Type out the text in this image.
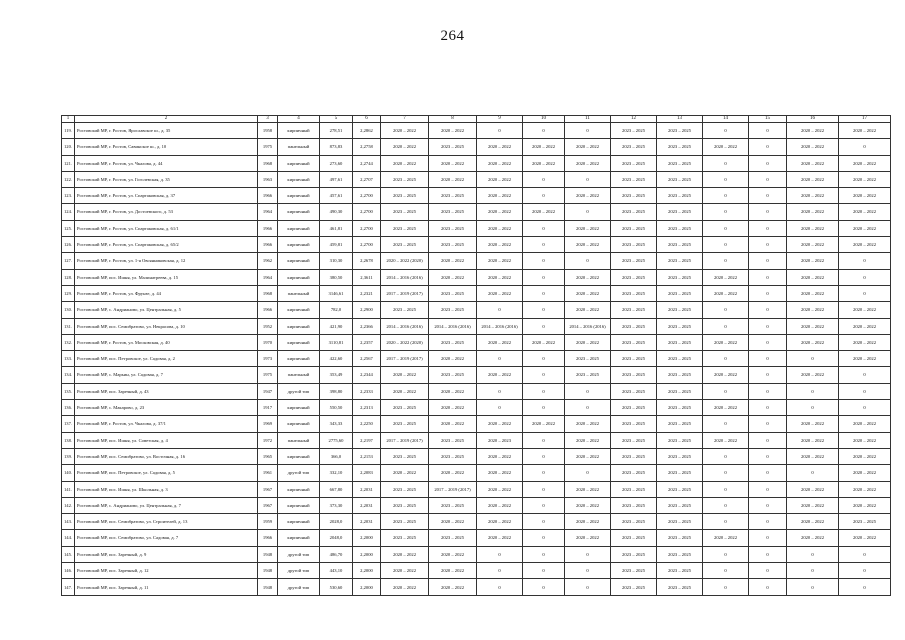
264
1	2	3	4	5	6	7	8	9	10	11	12	13	14	15	16	17
119.	Ростовский МР, г. Ростов, Ярославское ш., д. 35	1958	кирпичный	278,51	2,2862	2020 – 2022	2020 – 2022	0	0	0	2023 – 2025	2023 – 2025	0	0	2020 – 2022	2020 – 2022
120.	Ростовский МР, г. Ростов, Савинское ш., д. 10	1975	панельный	873,83	2,2758	2020 – 2022	2023 – 2025	2020 – 2022	2020 – 2022	2020 – 2022	2023 – 2025	2023 – 2025	2020 – 2022	0	2020 – 2022	0
121.	Ростовский МР, г. Ростов, ул. Чкалова, д. 44	1968	кирпичный	273,60	2,2744	2020 – 2022	2020 – 2022	2020 – 2022	2020 – 2022	2020 – 2022	2023 – 2025	2023 – 2025	0	0	2020 – 2022	2020 – 2022
122.	Ростовский МР, г. Ростов, ул. Гоголевская, д. 35	1963	кирпичный	497,61	2,2707	2023 – 2025	2020 – 2022	2020 – 2022	0	0	2023 – 2025	2023 – 2025	0	0	2020 – 2022	2020 – 2022
123.	Ростовский МР, г. Ростов, ул. Спартаковская, д. 37	1966	кирпичный	457,61	2,2700	2023 – 2025	2023 – 2025	2020 – 2022	0	2020 – 2022	2023 – 2025	2023 – 2025	0	0	2020 – 2022	2020 – 2022
124.	Ростовский МР, г. Ростов, ул. Достоевского, д. 53	1964	кирпичный	490,30	2,2700	2023 – 2025	2023 – 2025	2020 – 2022	2020 – 2022	0	2023 – 2025	2023 – 2025	0	0	2020 – 2022	2020 – 2022
125.	Ростовский МР, г. Ростов, ул. Спартаковская, д. 61/1	1966	кирпичный	461,81	2,2700	2023 – 2025	2023 – 2025	2020 – 2022	0	2020 – 2022	2023 – 2025	2023 – 2025	0	0	2020 – 2022	2020 – 2022
126.	Ростовский МР, г. Ростов, ул. Спартаковская, д. 65/2	1966	кирпичный	459,81	2,2700	2023 – 2025	2023 – 2025	2020 – 2022	0	2020 – 2022	2023 – 2025	2023 – 2025	0	0	2020 – 2022	2020 – 2022
127.	Ростовский МР, г. Ростов, ул. 1-я Овсянниковская, д. 12	1962	кирпичный	310,30	2,2678	2020 – 2022 (2020)	2020 – 2022	2020 – 2022	0	0	2023 – 2025	2023 – 2025	0	0	2020 – 2022	0
128.	Ростовский МР, пос. Ишня, ул. Малинатреева, д. 15	1964	кирпичный	380,50	2,3611	2014 – 2016 (2016)	2020 – 2022	2020 – 2022	0	2020 – 2022	2023 – 2025	2023 – 2025	2020 – 2022	0	2020 – 2022	0
129.	Ростовский МР, г. Ростов, ул. Фрунзе, д. 44	1968	панельный	3146,61	2,2321	2017 – 2019 (2017)	2023 – 2025	2020 – 2022	0	2020 – 2022	2023 – 2025	2023 – 2025	2020 – 2022	0	2020 – 2022	0
130.	Ростовский МР, с. Андрианово, ул. Центральная, д. 5	1966	кирпичный	782,0	2,2900	2023 – 2025	2023 – 2025	0	0	2020 – 2022	2023 – 2025	2023 – 2025	0	0	2020 – 2022	2020 – 2022
131.	Ростовский МР, пос. Семибратово, ул. Некрасова, д. 10	1952	кирпичный	421,90	2,2366	2014 – 2016 (2016)	2014 – 2016 (2016)	2014 – 2016 (2016)	0	2014 – 2016 (2016)	2023 – 2025	2023 – 2025	0	0	2020 – 2022	2020 – 2022
132.	Ростовский МР, г. Ростов, ул. Московская, д. 40	1970	кирпичный	3110,81	2,2357	2020 – 2022 (2020)	2023 – 2025	2020 – 2022	2020 – 2022	2020 – 2022	2023 – 2025	2023 – 2025	2020 – 2022	0	2020 – 2022	2020 – 2022
133.	Ростовский МР, пос. Петровское, ул. Садовая, д. 2	1973	кирпичный	422,60	2,2567	2017 – 2019 (2017)	2020 – 2022	0	0	2023 – 2025	2023 – 2025	2023 – 2025	0	0	0	2020 – 2022
134.	Ростовский МР, с. Марьин, ул. Садовая, д. 7	1975	панельный	353,49	2,2344	2020 – 2022	2023 – 2025	2020 – 2022	0	2023 – 2025	2023 – 2025	2023 – 2025	2020 – 2022	0	2020 – 2022	0
135.	Ростовский МР, пос. Заречный, д. 43	1947	другой тип	398,80	2,2333	2020 – 2022	2020 – 2022	0	0	0	2023 – 2025	2023 – 2025	0	0	0	0
136.	Ростовский МР, с. Макарово, д. 23	1917	кирпичный	550,50	2,2313	2023 – 2025	2020 – 2022	0	0	0	2023 – 2025	2023 – 2025	2020 – 2022	0	0	0
137.	Ростовский МР, г. Ростов, ул. Чкалова, д. 37/1	1969	кирпичный	343,33	2,2250	2023 – 2025	2020 – 2022	2020 – 2022	2020 – 2022	2020 – 2022	2023 – 2025	2023 – 2025	0	0	2020 – 2022	2020 – 2022
138.	Ростовский МР, пос. Ишня, ул. Советская, д. 4	1972	панельный	2775,60	2,2197	2017 – 2019 (2017)	2023 – 2025	2020 – 2023	0	2020 – 2022	2023 – 2025	2023 – 2025	2020 – 2022	0	2020 – 2022	2020 – 2022
139.	Ростовский МР, пос. Семибратово, ул. Восточная, д. 16	1965	кирпичный	366,0	2,2153	2023 – 2025	2023 – 2025	2020 – 2022	0	2020 – 2022	2023 – 2025	2023 – 2025	0	0	2020 – 2022	2020 – 2022
140.	Ростовский МР, пос. Петровское, ул. Садовая, д. 5	1961	другой тип	332,10	2,2083	2020 – 2022	2020 – 2022	2020 – 2022	0	0	2023 – 2025	2023 – 2025	0	0	0	2020 – 2022
141.	Ростовский МР, пос. Ишня, ул. Школьная, д. 3	1967	кирпичный	667,80	2,2031	2023 – 2025	2017 – 2019 (2017)	2020 – 2022	0	2020 – 2022	2023 – 2025	2023 – 2025	0	0	2020 – 2022	2020 – 2022
142.	Ростовский МР, с. Андрианово, ул. Центральная, д. 7	1967	кирпичный	373,30	2,2031	2023 – 2025	2023 – 2025	2020 – 2022	0	2020 – 2022	2023 – 2025	2023 – 2025	0	0	2020 – 2022	2020 – 2022
143.	Ростовский МР, пос. Семибратово, ул. Строителей, д. 13	1959	кирпичный	2028,0	2,2031	2023 – 2025	2020 – 2022	2020 – 2022	0	2020 – 2022	2023 – 2025	2023 – 2025	0	0	2020 – 2022	2023 – 2025
144.	Ростовский МР, пос. Семибратово, ул. Садовая, д. 7	1966	кирпичный	2048,0	2,2000	2023 – 2025	2023 – 2025	2020 – 2022	0	2020 – 2022	2023 – 2025	2023 – 2025	2020 – 2022	0	2020 – 2022	2020 – 2022
145.	Ростовский МР, пос. Заречный, д. 9	1948	другой тип	486,70	2,2000	2020 – 2022	2020 – 2022	0	0	0	2023 – 2025	2023 – 2025	0	0	0	0
146.	Ростовский МР, пос. Заречный, д. 12	1948	другой тип	443,10	2,2000	2020 – 2022	2020 – 2022	0	0	0	2023 – 2025	2023 – 2025	0	0	0	0
147.	Ростовский МР, пос. Заречный, д. 11	1948	другой тип	530,60	2,2000	2020 – 2022	2020 – 2022	0	0	0	2023 – 2025	2023 – 2025	0	0	0	0
